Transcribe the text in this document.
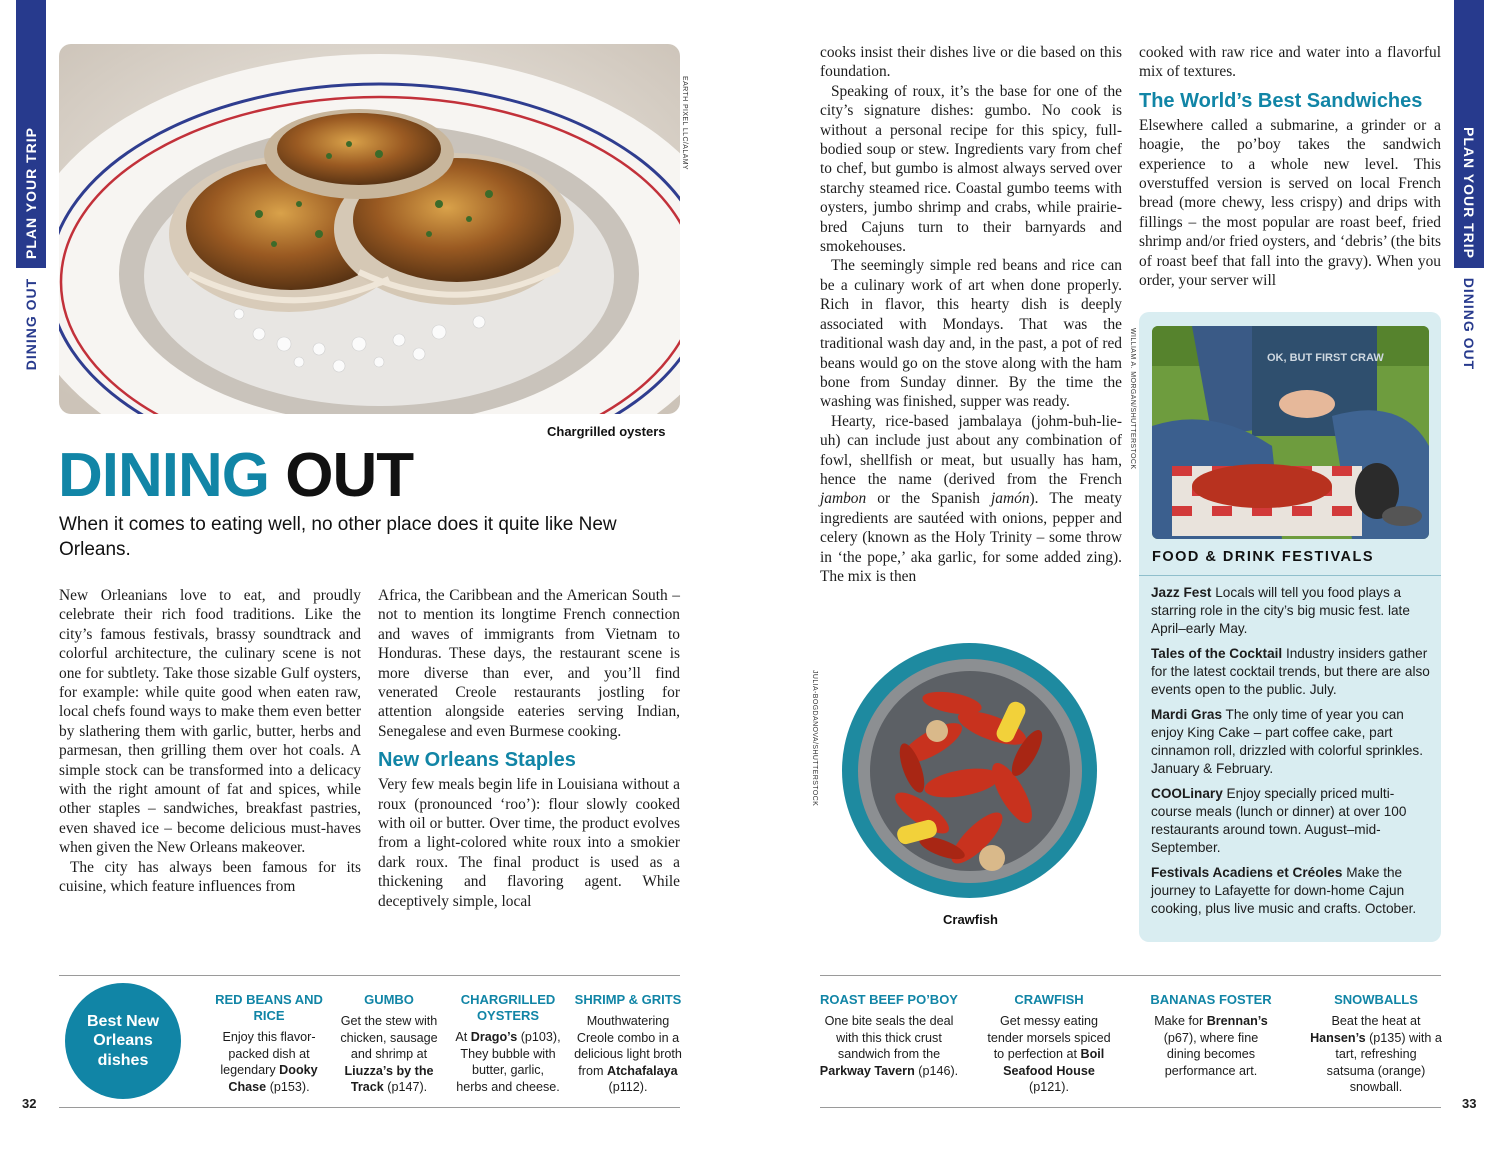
PLAN YOUR TRIP
DINING OUT
PLAN YOUR TRIP
DINING OUT
EARTH PIXEL LLC/ALAMY
Chargrilled oysters
DINING OUT
When it comes to eating well, no other place does it quite like New Orleans.

New Orleanians love to eat, and proudly celebrate their rich food traditions. Like the city’s famous festivals, brassy soundtrack and colorful architecture, the culinary scene is not one for subtlety. Take those sizable Gulf oysters, for example: while quite good when eaten raw, local chefs found ways to make them even better by slathering them with garlic, butter, herbs and parmesan, then grilling them over hot coals. A simple stock can be transformed into a delicacy with the right amount of fat and spices, while other staples – sandwiches, breakfast pastries, even shaved ice – become delicious must-haves when given the New Orleans makeover.

The city has always been famous for its cuisine, which feature influences from

Africa, the Caribbean and the American South – not to mention its longtime French connection and waves of immigrants from Vietnam to Honduras. These days, the restaurant scene is more diverse than ever, and you’ll find venerated Creole restaurants jostling for attention alongside eateries serving Indian, Senegalese and even Burmese cooking.

New Orleans Staples

Very few meals begin life in Louisiana without a roux (pronounced ‘roo’): flour slowly cooked with oil or butter. Over time, the product evolves from a light-colored white roux into a smokier dark roux. The final product is used as a thickening and flavoring agent. While deceptively simple, local

cooks insist their dishes live or die based on this foundation.

Speaking of roux, it’s the base for one of the city’s signature dishes: gumbo. No cook is without a personal recipe for this spicy, full-bodied soup or stew. Ingredients vary from chef to chef, but gumbo is almost always served over starchy steamed rice. Coastal gumbo teems with oysters, jumbo shrimp and crabs, while prairie-bred Cajuns turn to their barnyards and smokehouses.

The seemingly simple red beans and rice can be a culinary work of art when done properly. Rich in flavor, this hearty dish is deeply associated with Mondays. That was the traditional wash day and, in the past, a pot of red beans would go on the stove along with the ham bone from Sunday dinner. By the time the washing was finished, supper was ready.

Hearty, rice-based jambalaya (johm-buh-lie-uh) can include just about any combination of fowl, shellfish or meat, but usually has ham, hence the name (derived from the French jambon or the Spanish jamón). The meaty ingredients are sautéed with onions, pepper and celery (known as the Holy Trinity – some throw in ‘the pope,’ aka garlic, for some added zing). The mix is then

WILLIAM A. MORGAN/SHUTTERSTOCK

cooked with raw rice and water into a flavorful mix of textures.

The World’s Best Sandwiches

Elsewhere called a submarine, a grinder or a hoagie, the po’boy takes the sandwich experience to a whole new level. This overstuffed version is served on local French bread (more chewy, less crispy) and drips with fillings – the most popular are roast beef, fried shrimp and/or fried oysters, and ‘debris’ (the bits of roast beef that fall into the gravy). When you order, your server will

JULIA-BOGDANOVA/SHUTTERSTOCK
Crawfish
OK, BUT FIRST CRAW
FOOD & DRINK FESTIVALS
Jazz Fest Locals will tell you food plays a starring role in the city’s big music fest. late April–early May.
Tales of the Cocktail Industry insiders gather for the latest cocktail trends, but there are also events open to the public. July.
Mardi Gras The only time of year you can enjoy King Cake – part coffee cake, part cinnamon roll, drizzled with colorful sprinkles. January & February.
COOLinary Enjoy specially priced multi-course meals (lunch or dinner) at over 100 restaurants around town. August–mid-September.
Festivals Acadiens et Créoles Make the journey to Lafayette for down-home Cajun cooking, plus live music and crafts. October.
Best New Orleans dishes
RED BEANS AND RICE
Enjoy this flavor-packed dish at legendary Dooky Chase (p153).
GUMBO
Get the stew with chicken, sausage and shrimp at Liuzza’s by the Track (p147).
CHARGRILLED OYSTERS
At Drago’s (p103), They bubble with butter, garlic, herbs and cheese.
SHRIMP & GRITS
Mouthwatering Creole combo in a delicious light broth from Atchafalaya (p112).
32
ROAST BEEF PO’BOY
One bite seals the deal with this thick crust sandwich from the Parkway Tavern (p146).
CRAWFISH
Get messy eating tender morsels spiced to perfection at Boil Seafood House (p121).
BANANAS FOSTER
Make for Brennan’s (p67), where fine dining becomes performance art.
SNOWBALLS
Beat the heat at Hansen’s (p135) with a tart, refreshing satsuma (orange) snowball.
33
